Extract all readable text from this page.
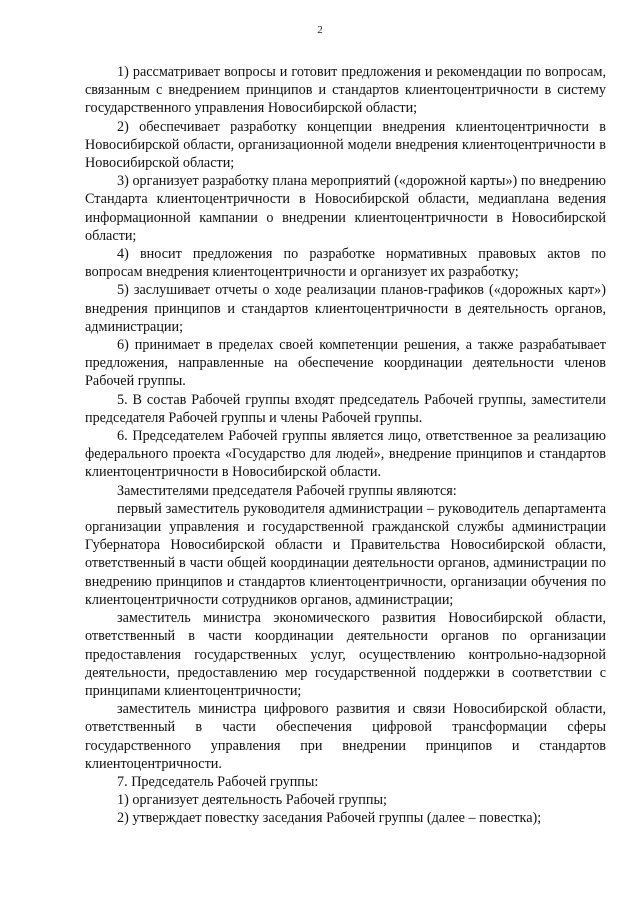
2

1) рассматривает вопросы и готовит предложения и рекомендации по вопросам, связанным с внедрением принципов и стандартов клиентоцентричности в систему государственного управления Новосибирской области;

2) обеспечивает разработку концепции внедрения клиентоцентричности в Новосибирской области, организационной модели внедрения клиентоцентричности в Новосибирской области;

3) организует разработку плана мероприятий («дорожной карты») по внедрению Стандарта клиентоцентричности в Новосибирской области, медиаплана ведения информационной кампании о внедрении клиентоцентричности в Новосибирской области;

4) вносит предложения по разработке нормативных правовых актов по вопросам внедрения клиентоцентричности и организует их разработку;

5) заслушивает отчеты о ходе реализации планов-графиков («дорожных карт») внедрения принципов и стандартов клиентоцентричности в деятельность органов, администрации;

6) принимает в пределах своей компетенции решения, а также разрабатывает предложения, направленные на обеспечение координации деятельности членов Рабочей группы.

5. В состав Рабочей группы входят председатель Рабочей группы, заместители председателя Рабочей группы и члены Рабочей группы.

6. Председателем Рабочей группы является лицо, ответственное за реализацию федерального проекта «Государство для людей», внедрение принципов и стандартов клиентоцентричности в Новосибирской области.

Заместителями председателя Рабочей группы являются:

первый заместитель руководителя администрации – руководитель департамента организации управления и государственной гражданской службы администрации Губернатора Новосибирской области и Правительства Новосибирской области, ответственный в части общей координации деятельности органов, администрации по внедрению принципов и стандартов клиентоцентричности, организации обучения по клиентоцентричности сотрудников органов, администрации;

заместитель министра экономического развития Новосибирской области, ответственный в части координации деятельности органов по организации предоставления государственных услуг, осуществлению контрольно-надзорной деятельности, предоставлению мер государственной поддержки в соответствии с принципами клиентоцентричности;

заместитель министра цифрового развития и связи Новосибирской области, ответственный в части обеспечения цифровой трансформации сферы государственного управления при внедрении принципов и стандартов клиентоцентричности.

7. Председатель Рабочей группы:

1) организует деятельность Рабочей группы;

2) утверждает повестку заседания Рабочей группы (далее – повестка);
